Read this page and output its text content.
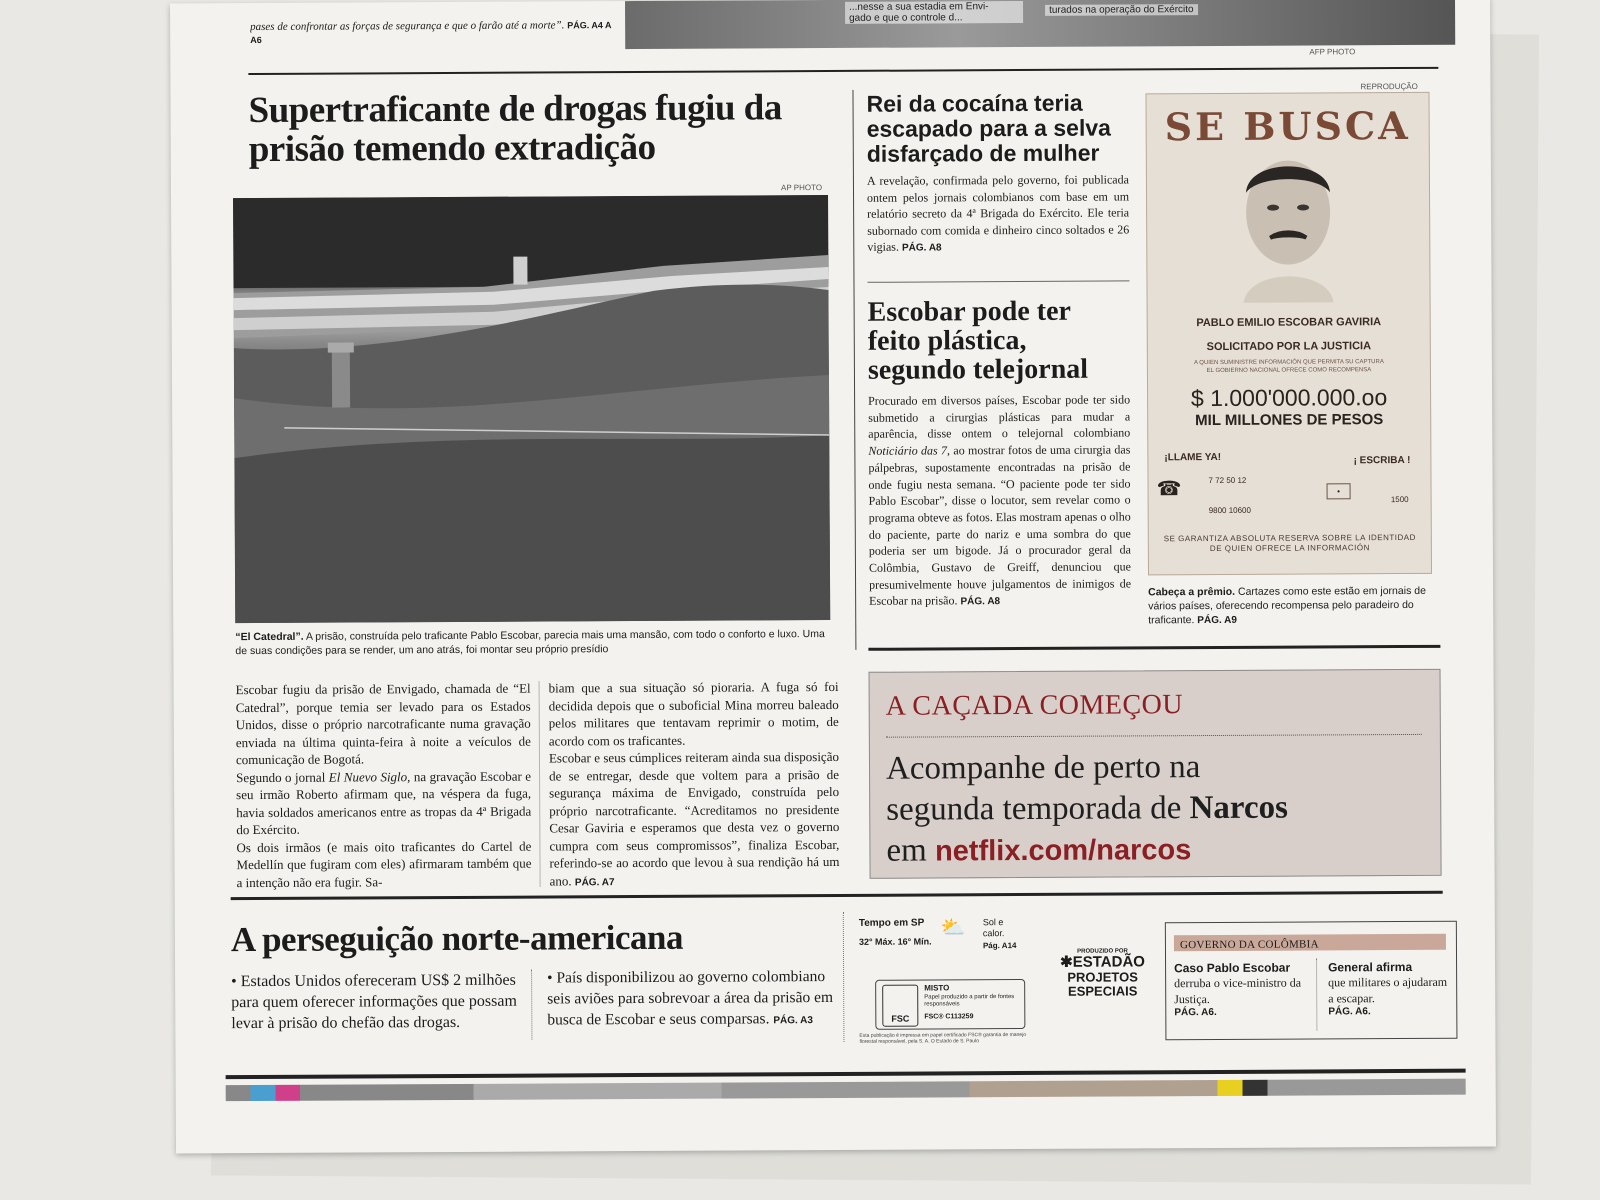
pases de confrontar as forças de segurança e que o farão até a morte”. PÁG. A4 A A6
...nesse a sua estadia em Envi-
gado e que o controle d...
turados na operação do Exército
AFP PHOTO
Supertraficante de drogas fugiu da prisão temendo extradição
AP PHOTO
“El Catedral”. A prisão, construída pelo traficante Pablo Escobar, parecia mais uma mansão, com todo o conforto e luxo. Uma de suas condições para se render, um ano atrás, foi montar seu próprio presídio
Escobar fugiu da prisão de Envigado, chamada de “El Catedral”, porque temia ser levado para os Estados Unidos, disse o próprio narcotraficante numa gravação enviada na última quinta-feira à noite a veículos de comunicação de Bogotá.
Segundo o jornal El Nuevo Siglo, na gravação Escobar e seu irmão Roberto afirmam que, na véspera da fuga, havia soldados americanos entre as tropas da 4ª Brigada do Exército.
Os dois irmãos (e mais oito traficantes do Cartel de Medellín que fugiram com eles) afirmaram também que a intenção não era fugir. Sa-
biam que a sua situação só pioraria. A fuga só foi decidida depois que o suboficial Mina morreu baleado pelos militares que tentavam reprimir o motim, de acordo com os traficantes.
Escobar e seus cúmplices reiteram ainda sua disposição de se entregar, desde que voltem para a prisão de segurança máxima de Envigado, construída pelo próprio narcotraficante. “Acreditamos no presidente Cesar Gaviria e esperamos que desta vez o governo cumpra com seus compromissos”, finaliza Escobar, referindo-se ao acordo que levou à sua rendição há um ano. PÁG. A7
Rei da cocaína teria escapado para a selva disfarçado de mulher
A revelação, confirmada pelo governo, foi publicada ontem pelos jornais colombianos com base em um relatório secreto da 4ª Brigada do Exército. Ele teria subornado com comida e dinheiro cinco soltados e 26 vigias. PÁG. A8
Escobar pode ter feito plástica, segundo telejornal
Procurado em diversos países, Escobar pode ter sido submetido a cirurgias plásticas para mudar a aparência, disse ontem o telejornal colombiano Noticiário das 7, ao mostrar fotos de uma cirurgia das pálpebras, supostamente encontradas na prisão de onde fugiu nesta semana. “O paciente pode ter sido Pablo Escobar”, disse o locutor, sem revelar como o programa obteve as fotos. Elas mostram apenas o olho do paciente, parte do nariz e uma sombra do que poderia ser um bigode. Já o procurador geral da Colômbia, Gustavo de Greiff, denunciou que presumivelmente houve julgamentos de inimigos de Escobar na prisão. PÁG. A8
REPRODUÇÃO
SE BUSCA
PABLO EMILIO ESCOBAR GAVIRIA
SOLICITADO POR LA JUSTICIA
A QUIEN SUMINISTRE INFORMACIÓN QUE PERMITA SU CAPTURA
EL GOBIERNO NACIONAL OFRECE COMO RECOMPENSA
$ 1.000'000.000.oo
MIL MILLONES DE PESOS
¡LLAME YA!	¡ ESCRIBA !
☎	7 72 50 12
9800 10600
•
1500
SE GARANTIZA ABSOLUTA RESERVA SOBRE LA IDENTIDAD DE QUIEN OFRECE LA INFORMACIÓN
Cabeça a prêmio. Cartazes como este estão em jornais de vários países, oferecendo recompensa pelo paradeiro do traficante. PÁG. A9
A CAÇADA COMEÇOU
Acompanhe de perto na
segunda temporada de Narcos
em netflix.com/narcos
A perseguição norte-americana
• Estados Unidos ofereceram US$ 2 milhões para quem oferecer informações que possam levar à prisão do chefão das drogas.
• País disponibilizou ao governo colombiano seis aviões para sobrevoar a área da prisão em busca de Escobar e seus comparsas. PÁG. A3
Tempo em SP
32° Máx. 16° Mín.
⛅ Sol e calor.
Pág. A14
FSC
MISTO
Papel produzido a partir de fontes responsáveis
FSC® C113259
Esta publicação é impressa em papel certificado FSC® garantia de manejo florestal responsável, pela S. A. O Estado de S. Paulo
PRODUZIDO POR
✱ESTADÃO
PROJETOS ESPECIAIS
GOVERNO DA COLÔMBIA
Caso Pablo Escobar
derruba o vice-ministro da Justiça.
PÁG. A6.
General afirma
que militares o ajudaram a escapar.
PÁG. A6.
